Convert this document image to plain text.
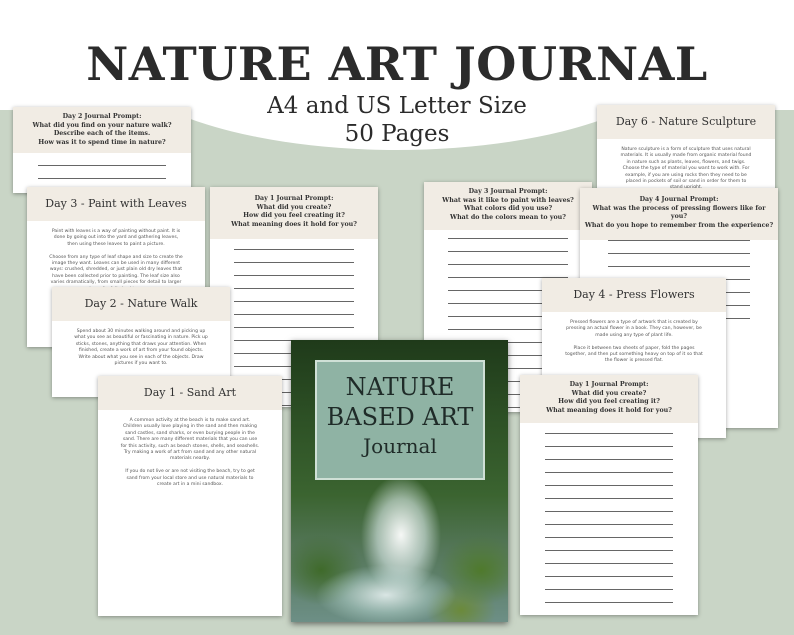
NATURE ART JOURNAL

A4 and US Letter Size

50 Pages

Day 2 Journal Prompt:
What did you find on your nature walk?
Describe each of the items.
How was it to spend time in nature?
Day 6 - Nature Sculpture
Nature sculpture is a form of sculpture that uses natural materials. It is usually made from organic material found in nature such as plants, leaves, flowers, and twigs. Choose the type of material you want to work with. For example, if you are using rocks then they need to be placed in pockets of soil or sand in order for them to
Day 3 - Paint with Leaves
Paint with leaves is a way of painting without paint. It is done by going out into the yard and gathering leaves, then using these leaves to paint a picture.

Choose from any type of leaf shape and size to create the image they want. Leaves can be used in many different ways: crushed, shredded, or just plain old dry leaves that have been collected prior to painting. The leaf size also varies dramatically, from small pieces for detail to larger
Day 1 Journal Prompt:
What did you create?
How did you feel creating it?
What meaning does it hold for you?
Day 3 Journal Prompt:
What was it like to paint with leaves?
What colors did you use?
What do the colors mean to you?
Day 4 Journal Prompt:
What was the process of pressing flowers like for you?
What do you hope to remember from the experience?
Day 2 - Nature Walk
Spend about 30 minutes walking around and picking up what you see as beautiful or fascinating in nature. Pick up sticks, stones, anything that draws your attention. When finished, create a work of art from your found objects. Write about what you see in each of the objects. Draw pictures if you want to.
Day 4 - Press Flowers
Pressed flowers are a type of artwork that is created by pressing an actual flower in a book. They can, however, be made using any type of plant life.

Place it between two sheets of paper, fold the pages together, and then put something heavy on top of it so that the flower is pressed flat.
Day 1 - Sand Art
A common activity at the beach is to make sand art. Children usually love playing in the sand and then making sand castles, sand sharks, or even burying people in the sand. There are many different materials that you can use for this activity, such as beach stones, shells, and seashells. Try making a work of art from sand and any other natural materials nearby.

If you do not live or are not visiting the beach, try to get sand from your local store and use natural materials to create art in a mini sandbox.
Day 1 Journal Prompt:
What did you create?
How did you feel creating it?
What meaning does it hold for you?
NATURE
BASED ART
Journal
